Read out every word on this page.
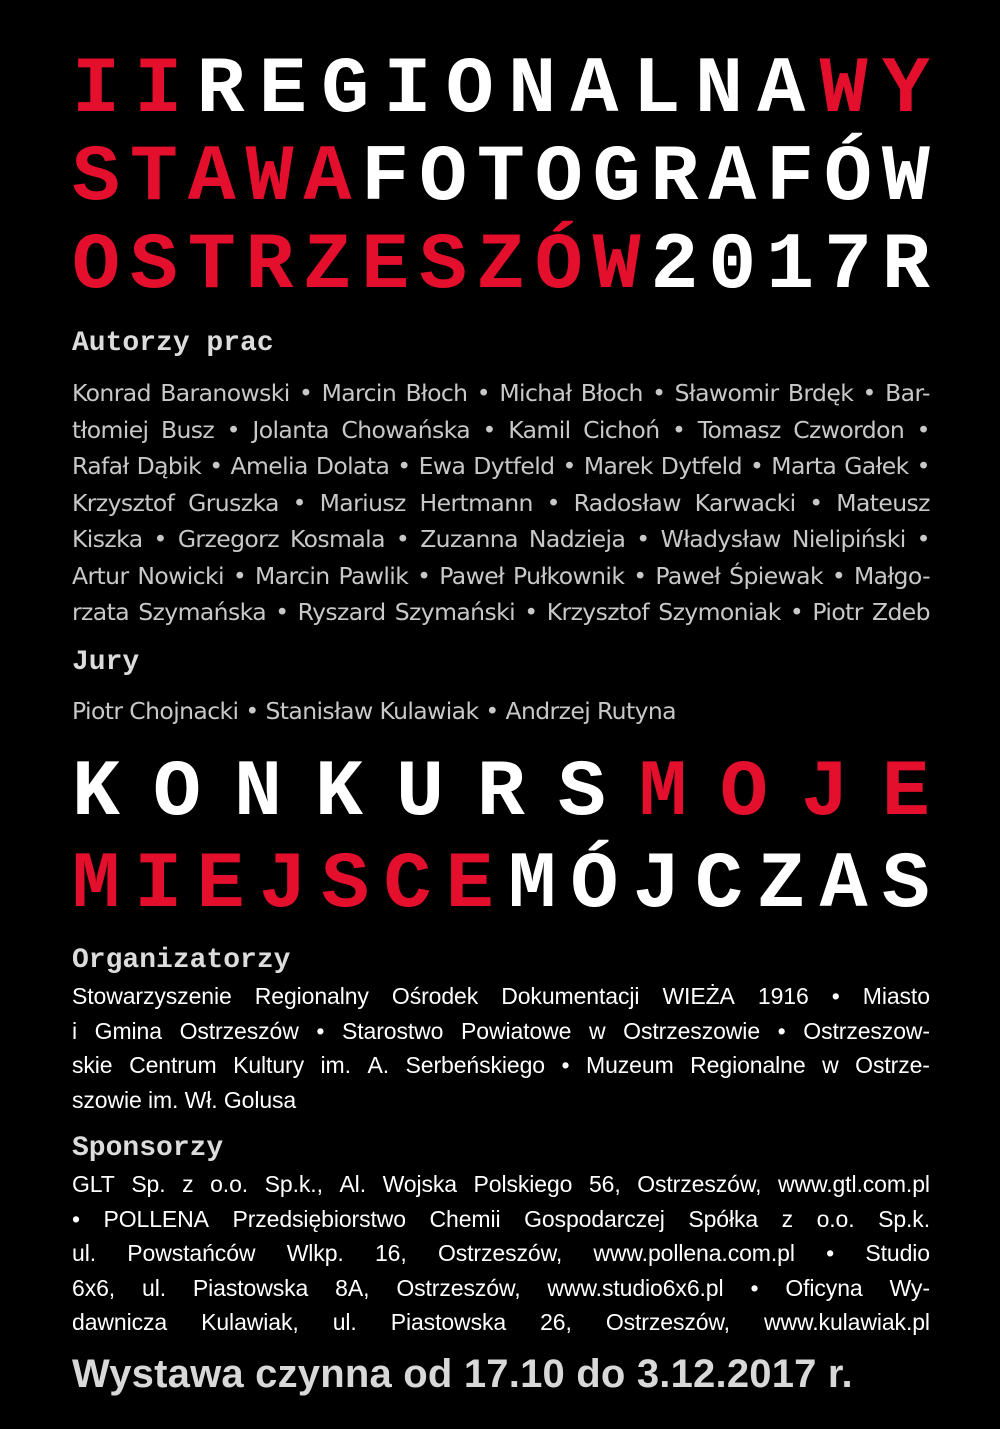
I I R E G I O N A L N A W Y
S T A W A F O T O G R A F Ó W
O S T R Z E S Z Ó W 2 0 1 7 R
Autorzy prac
Konrad Baranowski • Marcin Błoch • Michał Błoch • Sławomir Brdęk • Bar-
tłomiej Busz • Jolanta Chowańska • Kamil Cichoń • Tomasz Czwordon •
Rafał Dąbik • Amelia Dolata • Ewa Dytfeld • Marek Dytfeld • Marta Gałek •
Krzysztof Gruszka • Mariusz Hertmann • Radosław Karwacki • Mateusz
Kiszka • Grzegorz Kosmala • Zuzanna Nadzieja • Władysław Nielipiński •
Artur Nowicki • Marcin Pawlik • Paweł Pułkownik • Paweł Śpiewak • Małgo-
rzata Szymańska • Ryszard Szymański • Krzysztof Szymoniak • Piotr Zdeb
Jury

Piotr Chojnacki • Stanisław Kulawiak • Andrzej Rutyna

K O N K U R S M O J E
M I E J S C E M Ó J C Z A S
Organizatorzy
Stowarzyszenie Regionalny Ośrodek Dokumentacji WIEŻA 1916 • Miasto
i Gmina Ostrzeszów • Starostwo Powiatowe w Ostrzeszowie • Ostrzeszow-
skie Centrum Kultury im. A. Serbeńskiego • Muzeum Regionalne w Ostrze-
szowie im. Wł. Golusa
Sponsorzy
GLT Sp. z o.o. Sp.k., Al. Wojska Polskiego 56, Ostrzeszów, www.gtl.com.pl
• POLLENA Przedsiębiorstwo Chemii Gospodarczej Spółka z o.o. Sp.k.
ul. Powstańców Wlkp. 16, Ostrzeszów, www.pollena.com.pl • Studio
6x6, ul. Piastowska 8A, Ostrzeszów, www.studio6x6.pl • Oficyna Wy-
dawnicza Kulawiak, ul. Piastowska 26, Ostrzeszów, www.kulawiak.pl

Wystawa czynna od 17.10 do 3.12.2017 r.
